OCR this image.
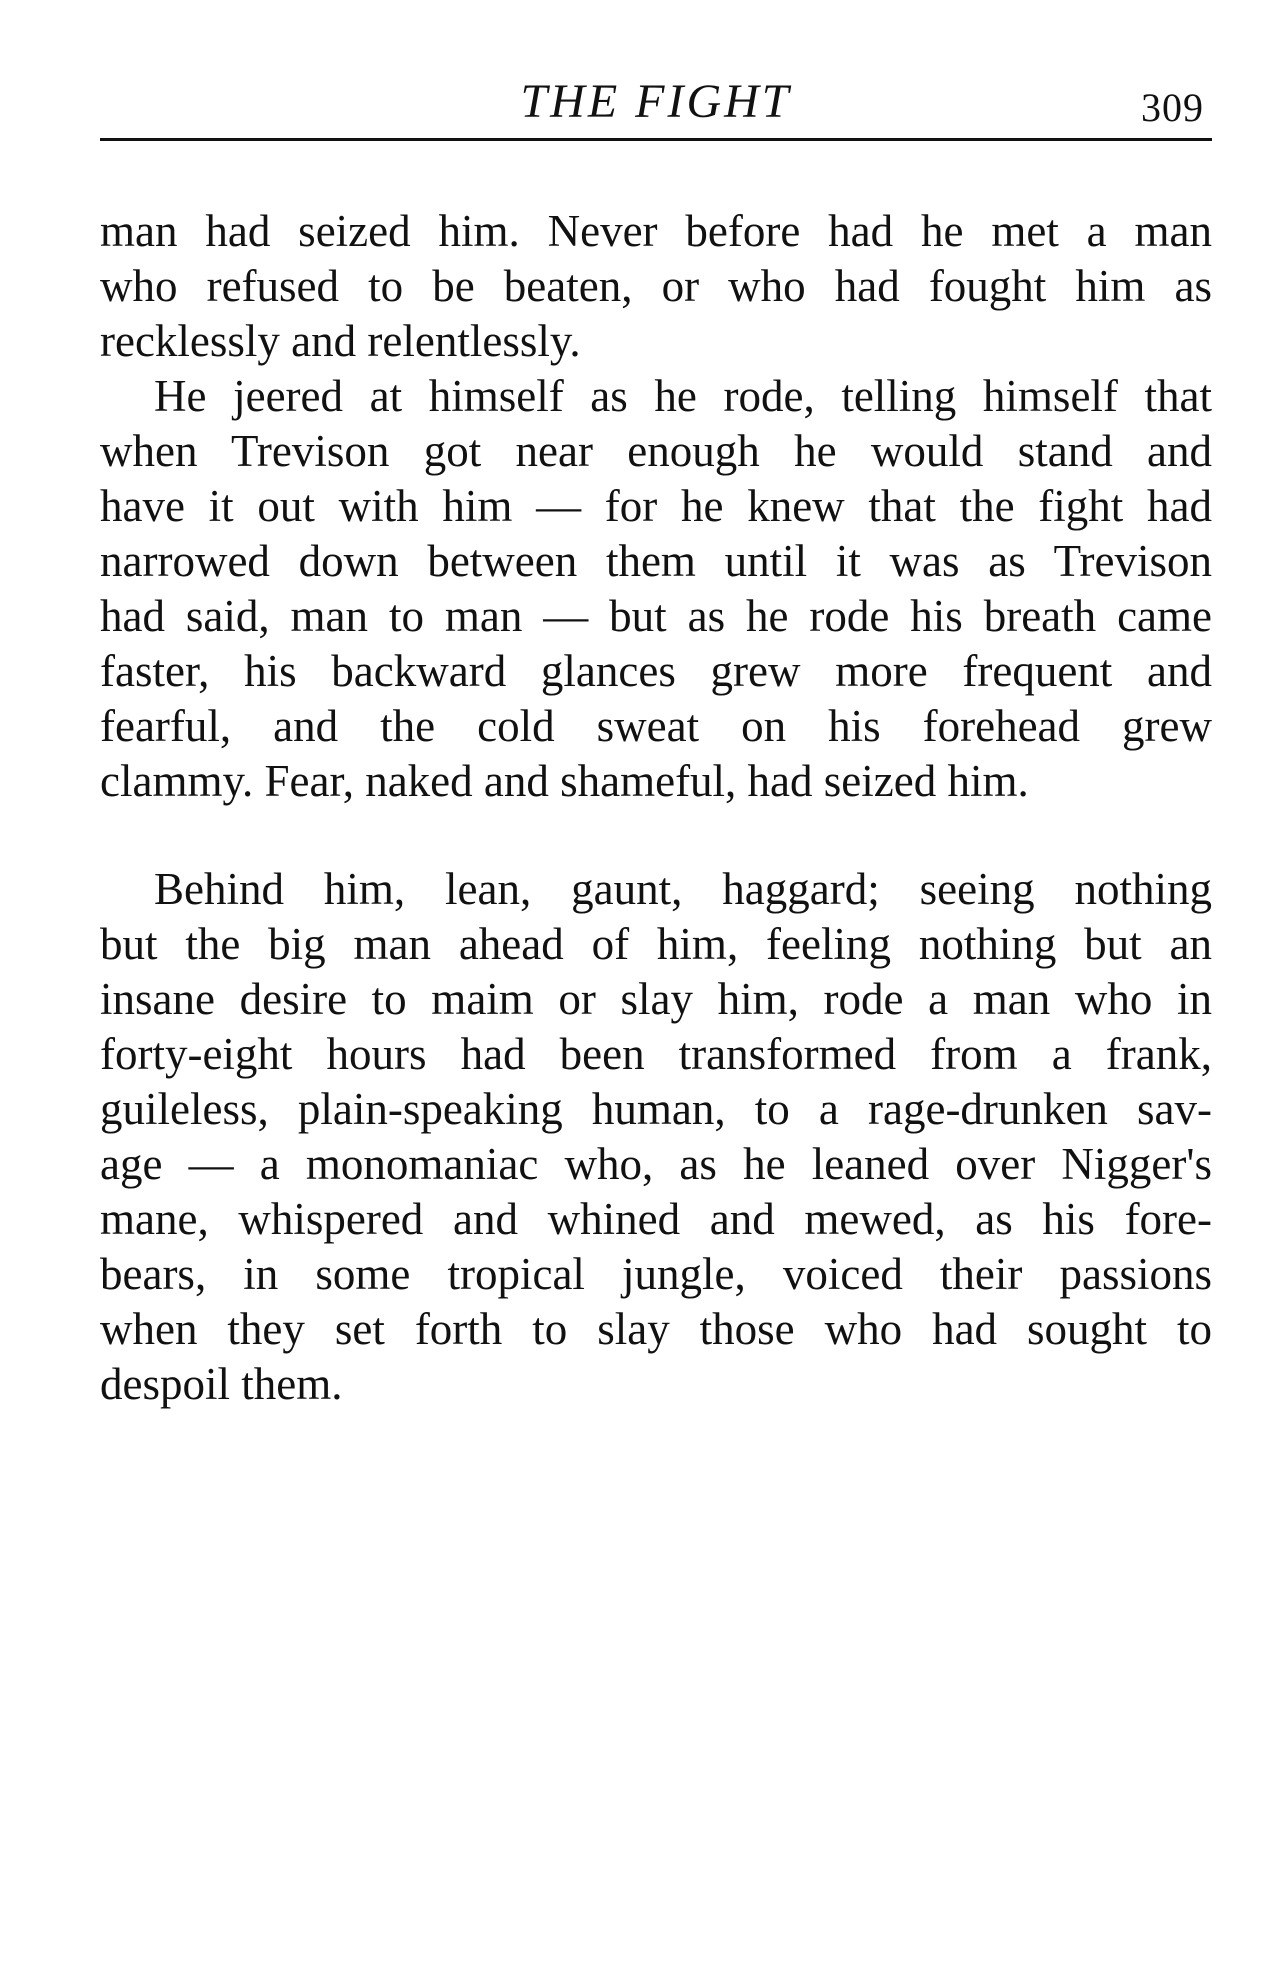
THE FIGHT	309
man had seized him. Never before had he met a man
who refused to be beaten, or who had fought him as
recklessly and relentlessly.
He jeered at himself as he rode, telling himself that
when Trevison got near enough he would stand and
have it out with him — for he knew that the fight had
narrowed down between them until it was as Trevison
had said, man to man — but as he rode his breath came
faster, his backward glances grew more frequent and
fearful, and the cold sweat on his forehead grew
clammy. Fear, naked and shameful, had seized him.
Behind him, lean, gaunt, haggard; seeing nothing
but the big man ahead of him, feeling nothing but an
insane desire to maim or slay him, rode a man who in
forty-eight hours had been transformed from a frank,
guileless, plain-speaking human, to a rage-drunken sav-
age — a monomaniac who, as he leaned over Nigger's
mane, whispered and whined and mewed, as his fore-
bears, in some tropical jungle, voiced their passions
when they set forth to slay those who had sought to
despoil them.
